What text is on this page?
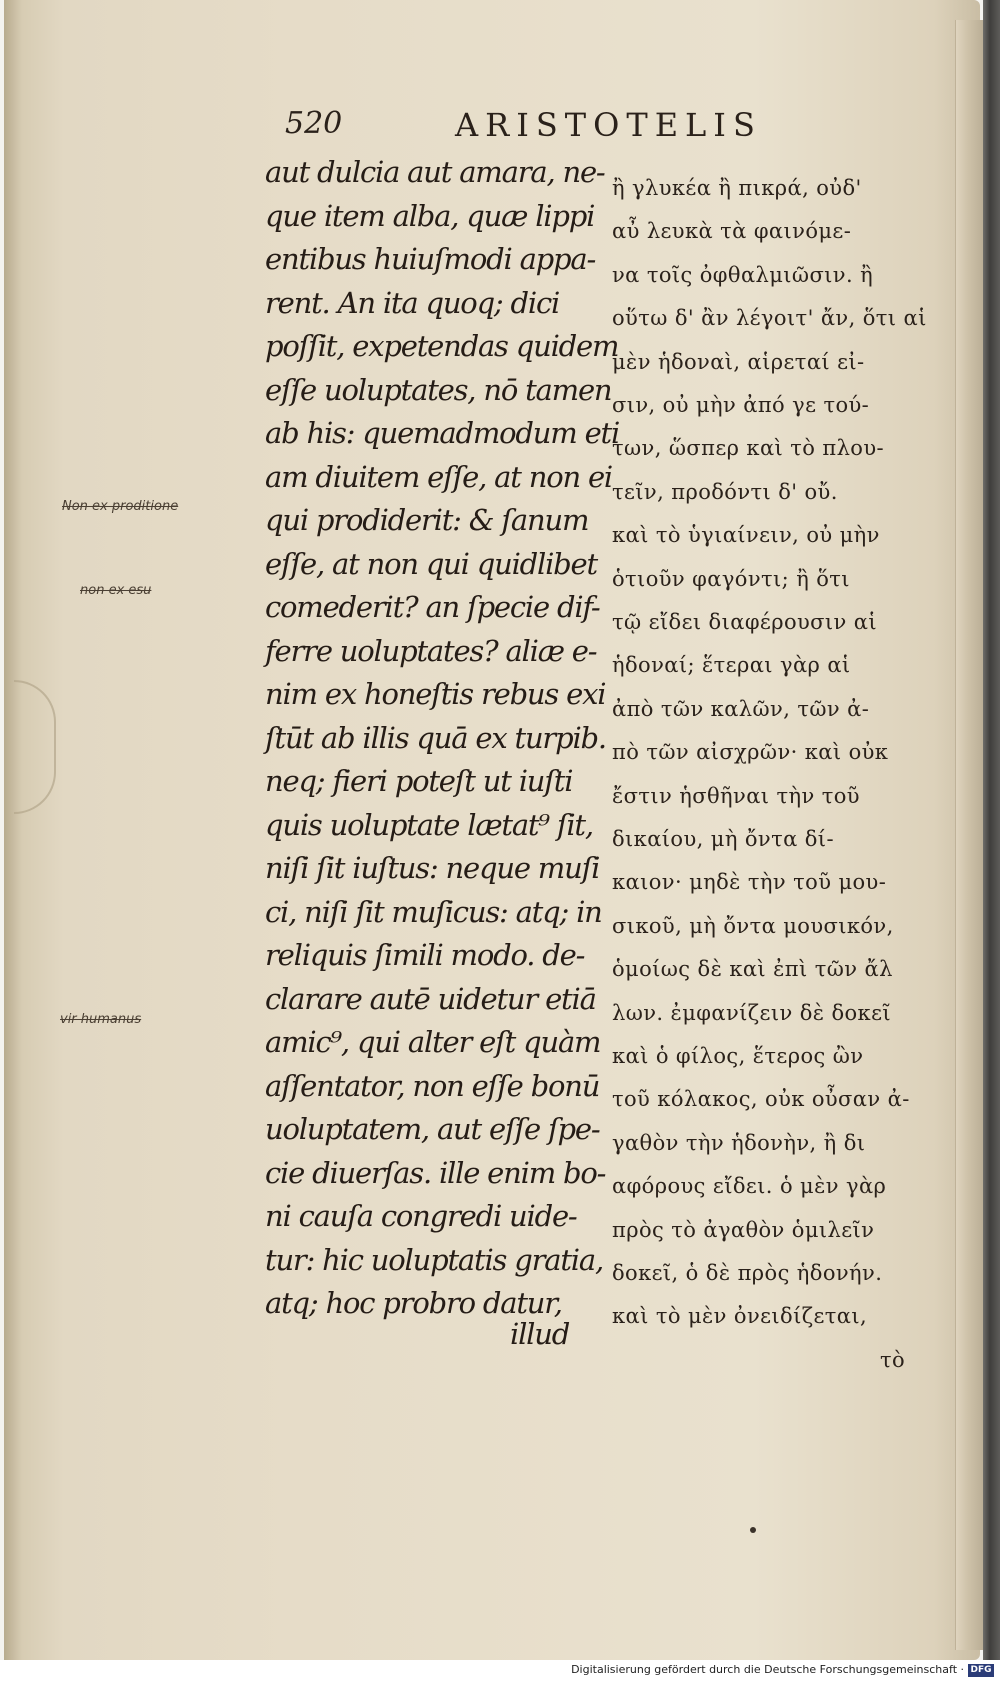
520	ARISTOTELIS
aut dulcia aut amara, ne-
que item alba, quæ lippi
entibus huiuſmodi appa-
rent. An ita quoq; dici
poſſit, expetendas quidem
eſſe uoluptates, nō tamen
ab his: quemadmodum eti
am diuitem eſſe, at non ei
qui prodiderit: & ſanum
eſſe, at non qui quidlibet
comederit? an ſpecie dif-
ferre uoluptates? aliæ e-
nim ex honeſtis rebus exi
ſtūt ab illis quā ex turpib.
neq; fieri poteſt ut iuſti
quis uoluptate lætat⁹ ſit,
niſi ſit iuſtus: neque muſi
ci, niſi ſit muſicus: atq; in
reliquis ſimili modo. de-
clarare autē uidetur etiā
amic⁹, qui alter eſt quàm
aſſentator, non eſſe bonū
uoluptatem, aut eſſe ſpe-
cie diuerſas. ille enim bo-
ni cauſa congredi uide-
tur: hic uoluptatis gratia,
atq; hoc probro datur,
ἢ γλυκέα ἢ πικρά, οὐδ'
αὖ λευκὰ τὰ φαινόμε-
να τοῖς ὀφθαλμιῶσιν. ἢ
οὕτω δ' ἂν λέγοιτ' ἄν, ὅτι αἱ
μὲν ἡδοναὶ, αἱρεταί εἰ-
σιν, οὐ μὴν ἀπό γε τού-
των, ὥσπερ καὶ τὸ πλου-
τεῖν, προδόντι δ' οὔ.
καὶ τὸ ὑγιαίνειν, οὐ μὴν
ὁτιοῦν φαγόντι; ἢ ὅτι
τῷ εἴδει διαφέρουσιν αἱ
ἡδοναί; ἕτεραι γὰρ αἱ
ἀπὸ τῶν καλῶν, τῶν ἀ-
πὸ τῶν αἰσχρῶν· καὶ οὐκ
ἔστιν ἡσθῆναι τὴν τοῦ
δικαίου, μὴ ὄντα δί-
καιον· μηδὲ τὴν τοῦ μου-
σικοῦ, μὴ ὄντα μουσικόν,
ὁμοίως δὲ καὶ ἐπὶ τῶν ἄλ
λων. ἐμφανίζειν δὲ δοκεῖ
καὶ ὁ φίλος, ἕτερος ὢν
τοῦ κόλακος, οὐκ οὖσαν ἀ-
γαθὸν τὴν ἡδονὴν, ἢ δι
αφόρους εἴδει. ὁ μὲν γὰρ
πρὸς τὸ ἀγαθὸν ὁμιλεῖν
δοκεῖ, ὁ δὲ πρὸς ἡδονήν.
καὶ τὸ μὲν ὀνειδίζεται,
illud
τὸ
Non ex proditione
non ex esu
vir humanus
Digitalisierung gefördert durch die Deutsche Forschungsgemeinschaft · DFG
